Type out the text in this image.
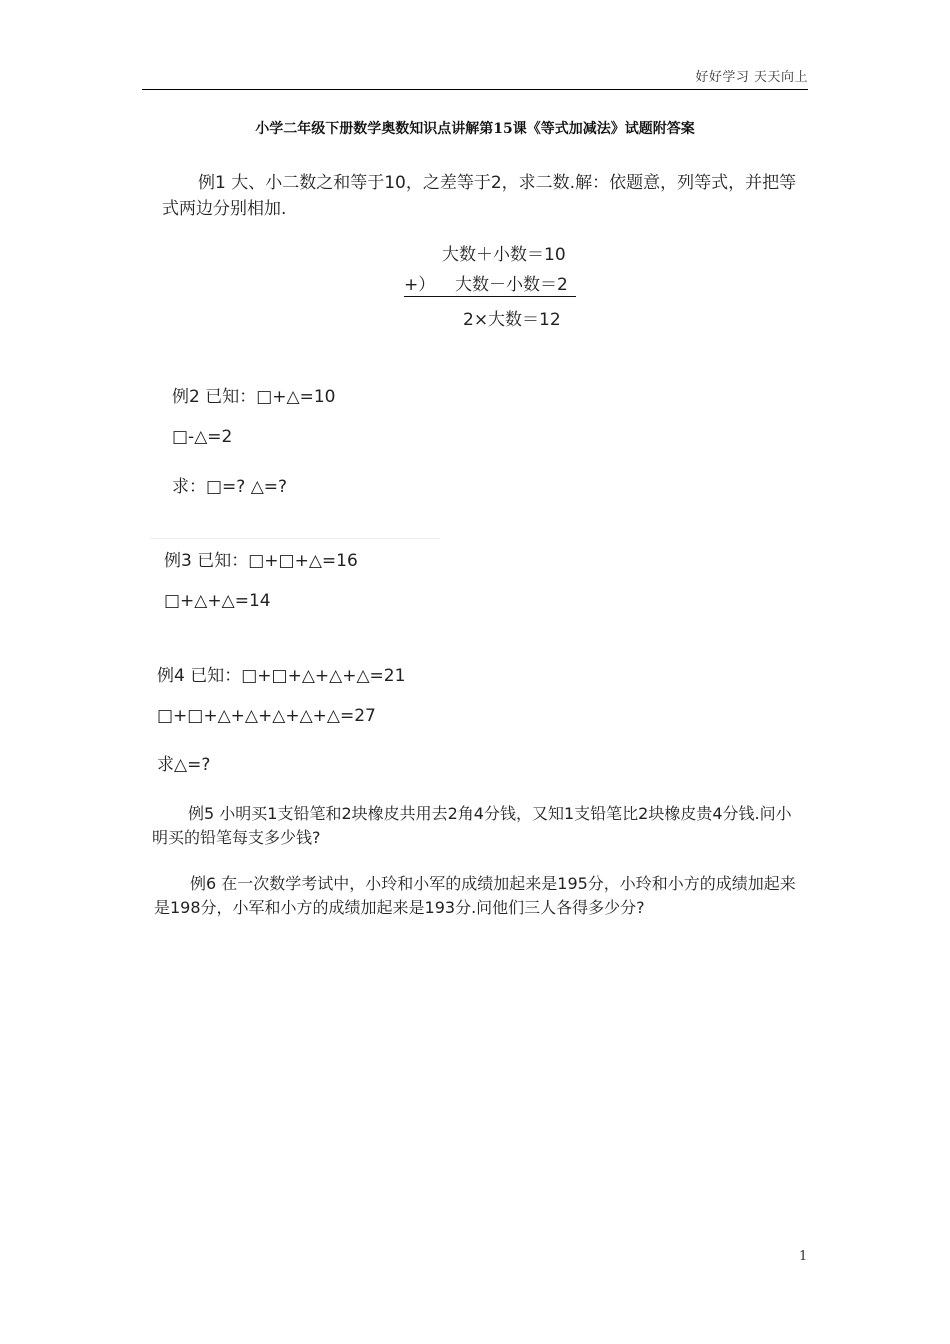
好好学习 天天向上
小学二年级下册数学奥数知识点讲解第15课《等式加减法》试题附答案
例1 大、小二数之和等于10，之差等于2，求二数.解：依题意，列等式，并把等式两边分别相加.
大数＋小数＝10
+） 大数－小数＝2
2×大数＝12
例2 已知：□+△=10
□-△=2
求：□=? △=?
例3 已知：□+□+△=16
□+△+△=14
例4 已知：□+□+△+△+△=21
□+□+△+△+△+△+△=27
求△=?
例5 小明买1支铅笔和2块橡皮共用去2角4分钱，又知1支铅笔比2块橡皮贵4分钱.问小明买的铅笔每支多少钱?
例6 在一次数学考试中，小玲和小军的成绩加起来是195分，小玲和小方的成绩加起来是198分，小军和小方的成绩加起来是193分.问他们三人各得多少分?
1
